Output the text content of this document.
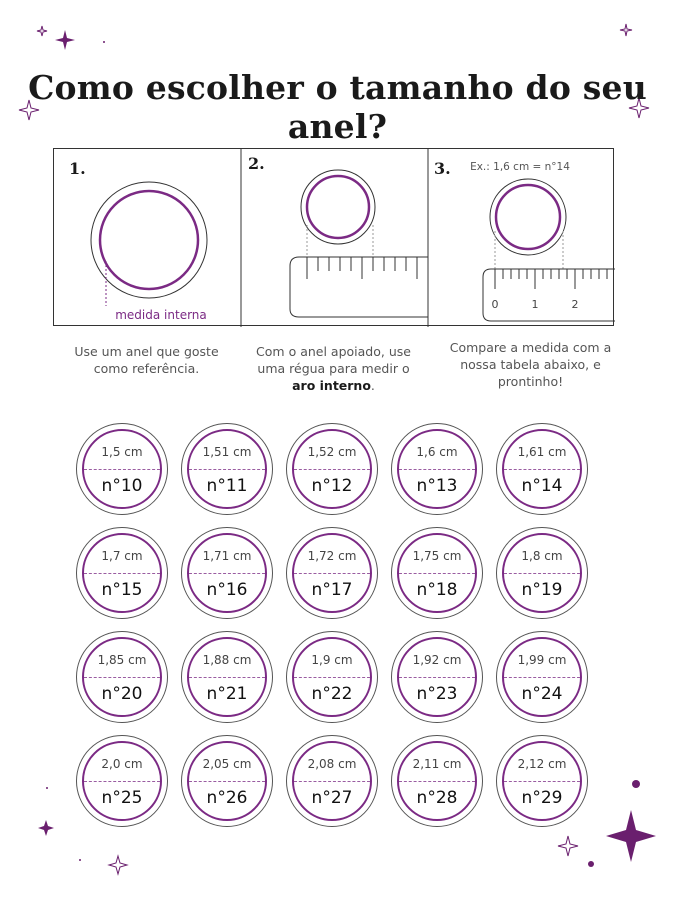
Como escolher o tamanho do seu anel?
1.	2.	3.
medida interna
Ex.: 1,6 cm = n°14
0	1	2
Use um anel que goste como referência.
Com o anel apoiado, use uma régua para medir o aro interno.
Compare a medida com a nossa tabela abaixo, e prontinho!
1,5 cm
n°10
1,51 cm
n°11
1,52 cm
n°12
1,6 cm
n°13
1,61 cm
n°14
1,7 cm
n°15
1,71 cm
n°16
1,72 cm
n°17
1,75 cm
n°18
1,8 cm
n°19
1,85 cm
n°20
1,88 cm
n°21
1,9 cm
n°22
1,92 cm
n°23
1,99 cm
n°24
2,0 cm
n°25
2,05 cm
n°26
2,08 cm
n°27
2,11 cm
n°28
2,12 cm
n°29
